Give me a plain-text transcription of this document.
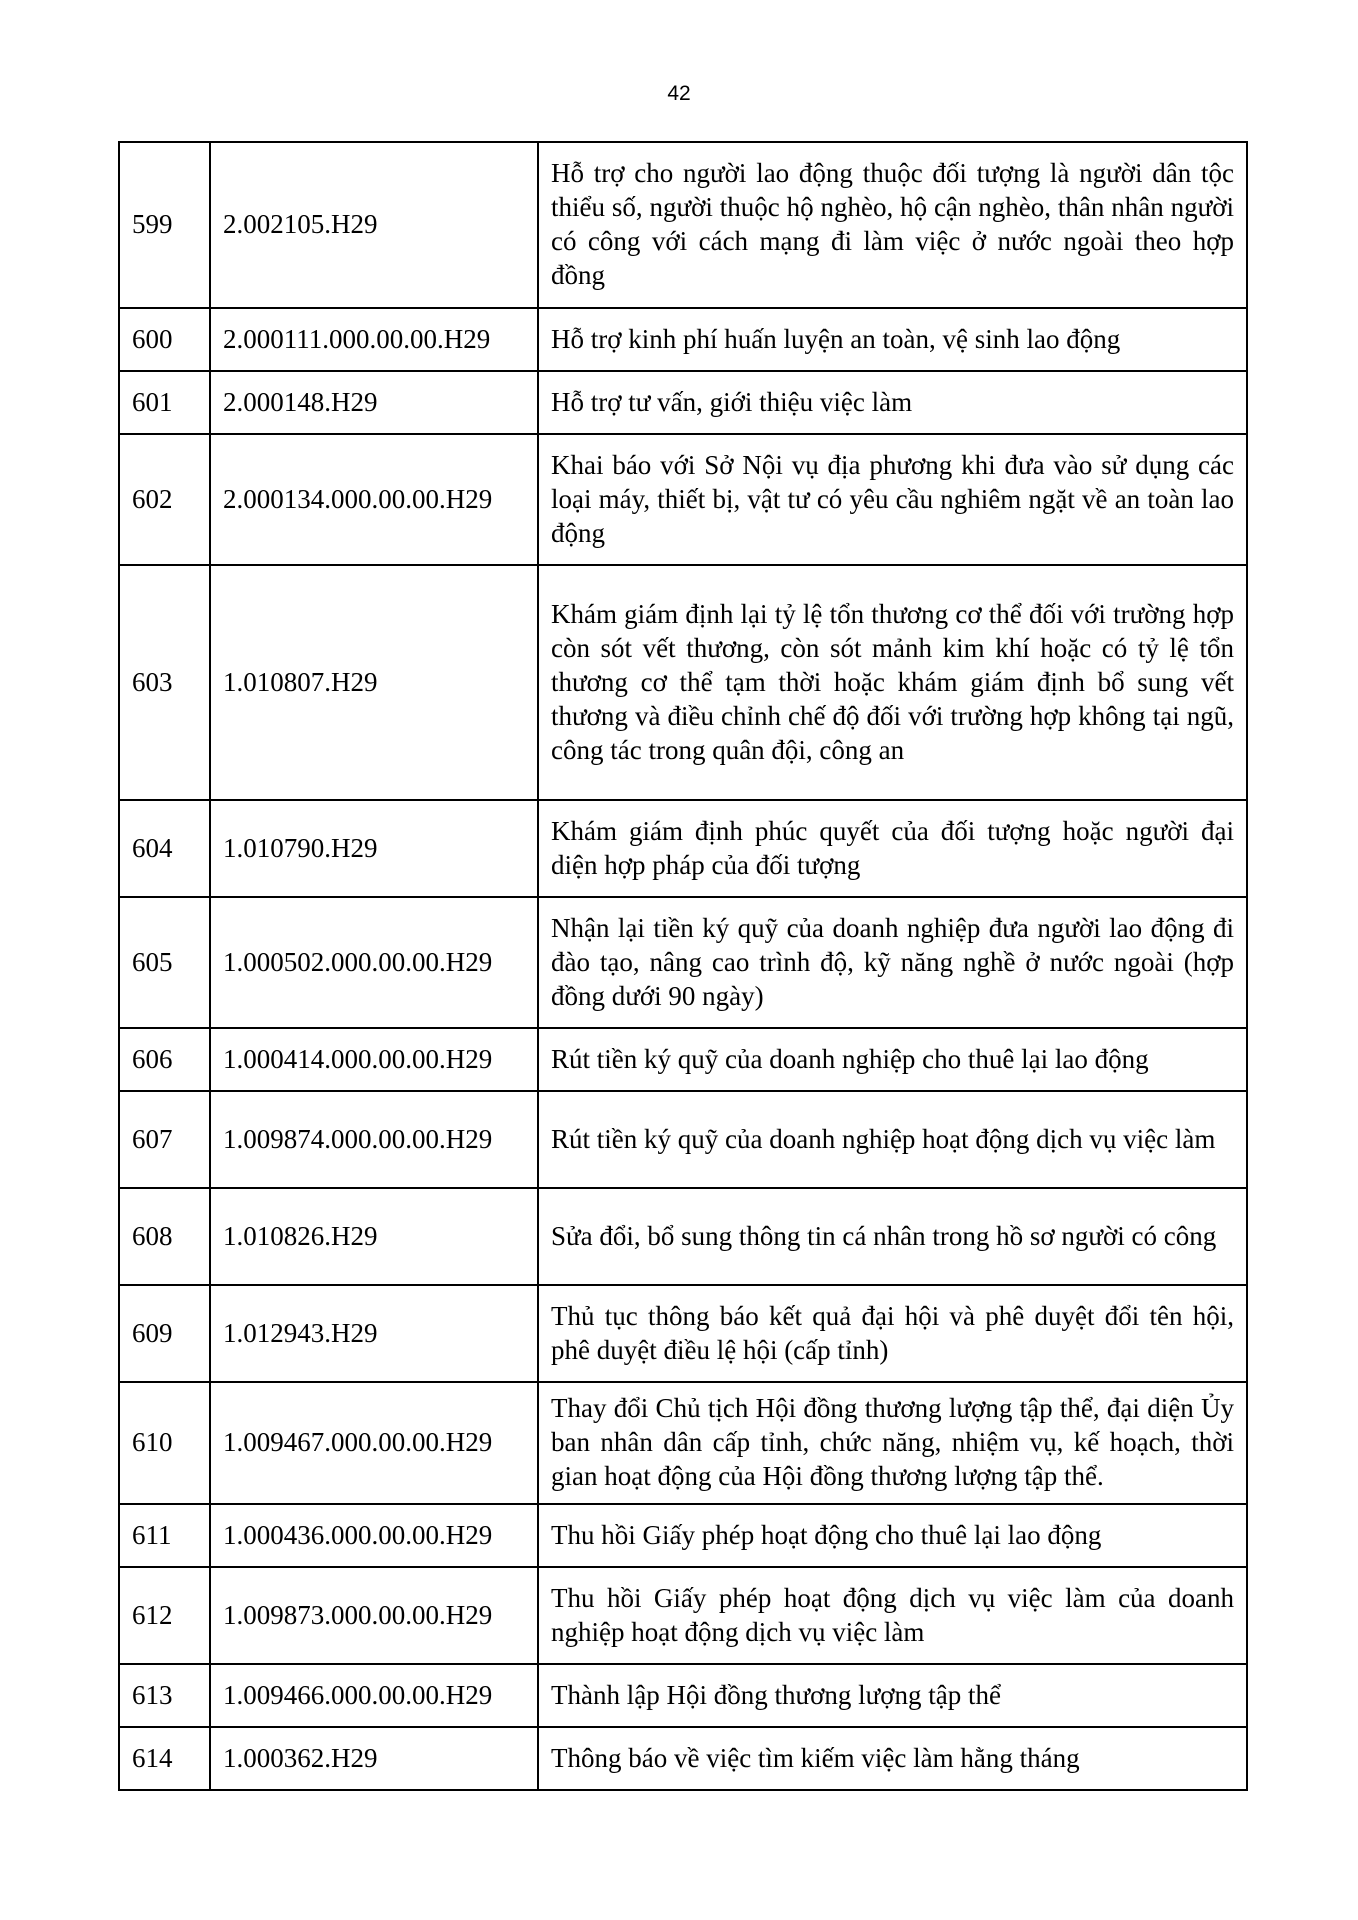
42
599	2.002105.H29	Hỗ trợ cho người lao động thuộc đối tượng là người dân tộc thiểu số, người thuộc hộ nghèo, hộ cận nghèo, thân nhân người có công với cách mạng đi làm việc ở nước ngoài theo hợp đồng
600	2.000111.000.00.00.H29	Hỗ trợ kinh phí huấn luyện an toàn, vệ sinh lao động
601	2.000148.H29	Hỗ trợ tư vấn, giới thiệu việc làm
602	2.000134.000.00.00.H29	Khai báo với Sở Nội vụ địa phương khi đưa vào sử dụng các loại máy, thiết bị, vật tư có yêu cầu nghiêm ngặt về an toàn lao động
603	1.010807.H29	Khám giám định lại tỷ lệ tổn thương cơ thể đối với trường hợp còn sót vết thương, còn sót mảnh kim khí hoặc có tỷ lệ tổn thương cơ thể tạm thời hoặc khám giám định bổ sung vết thương và điều chỉnh chế độ đối với trường hợp không tại ngũ, công tác trong quân đội, công an
604	1.010790.H29	Khám giám định phúc quyết của đối tượng hoặc người đại diện hợp pháp của đối tượng
605	1.000502.000.00.00.H29	Nhận lại tiền ký quỹ của doanh nghiệp đưa người lao động đi đào tạo, nâng cao trình độ, kỹ năng nghề ở nước ngoài (hợp đồng dưới 90 ngày)
606	1.000414.000.00.00.H29	Rút tiền ký quỹ của doanh nghiệp cho thuê lại lao động
607	1.009874.000.00.00.H29	Rút tiền ký quỹ của doanh nghiệp hoạt động dịch vụ việc làm
608	1.010826.H29	Sửa đổi, bổ sung thông tin cá nhân trong hồ sơ người có công
609	1.012943.H29	Thủ tục thông báo kết quả đại hội và phê duyệt đổi tên hội, phê duyệt điều lệ hội (cấp tỉnh)
610	1.009467.000.00.00.H29	Thay đổi Chủ tịch Hội đồng thương lượng tập thể, đại diện Ủy ban nhân dân cấp tỉnh, chức năng, nhiệm vụ, kế hoạch, thời gian hoạt động của Hội đồng thương lượng tập thể.
611	1.000436.000.00.00.H29	Thu hồi Giấy phép hoạt động cho thuê lại lao động
612	1.009873.000.00.00.H29	Thu hồi Giấy phép hoạt động dịch vụ việc làm của doanh nghiệp hoạt động dịch vụ việc làm
613	1.009466.000.00.00.H29	Thành lập Hội đồng thương lượng tập thể
614	1.000362.H29	Thông báo về việc tìm kiếm việc làm hằng tháng
